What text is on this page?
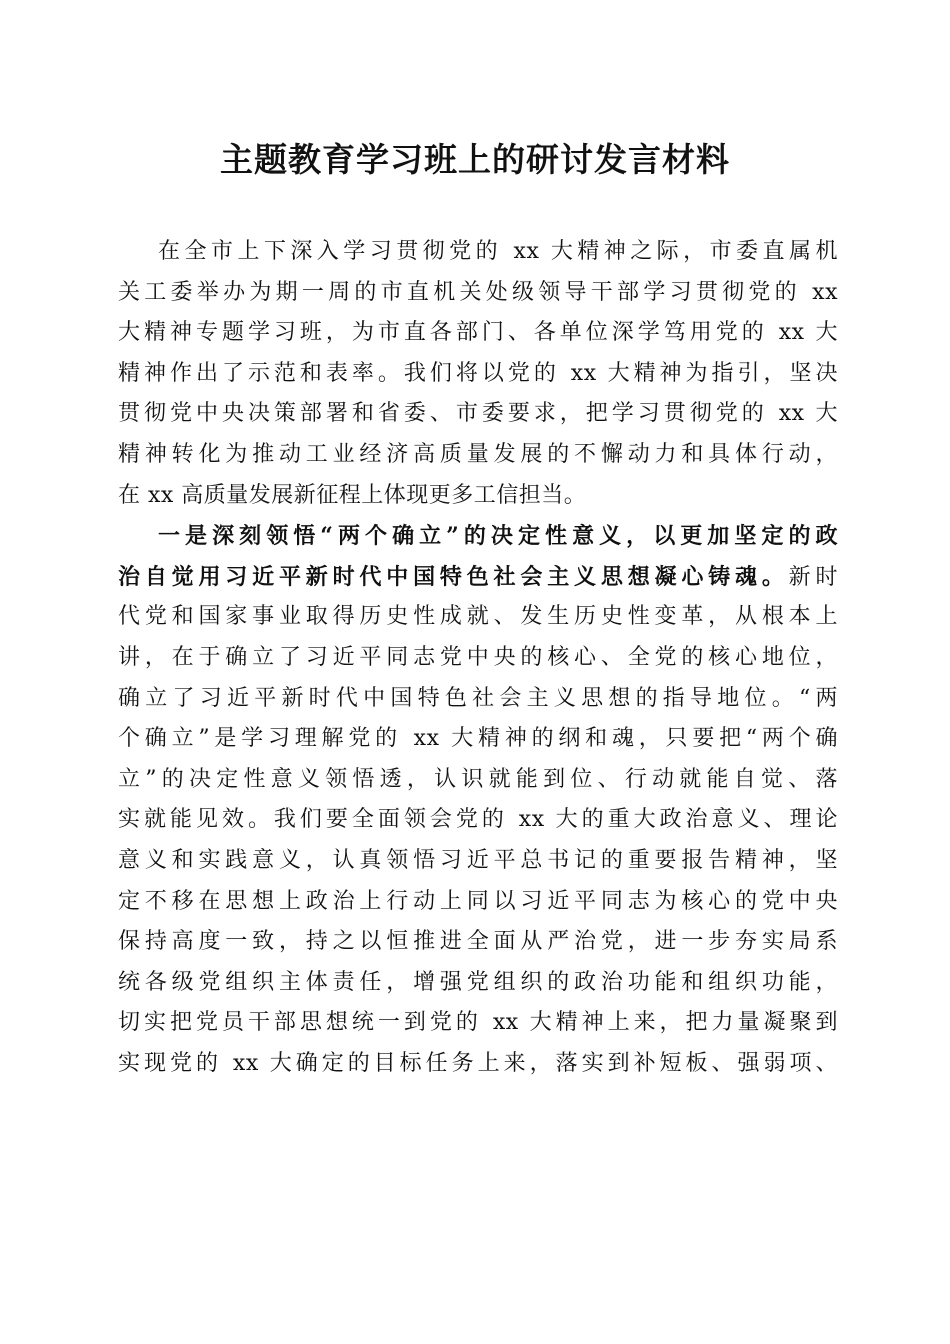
主题教育学习班上的研讨发言材料
在全市上下深入学习贯彻党的 xx 大精神之际，市委直属机
关工委举办为期一周的市直机关处级领导干部学习贯彻党的 xx
大精神专题学习班，为市直各部门、各单位深学笃用党的 xx 大
精神作出了示范和表率。我们将以党的 xx 大精神为指引，坚决
贯彻党中央决策部署和省委、市委要求，把学习贯彻党的 xx 大
精神转化为推动工业经济高质量发展的不懈动力和具体行动，
在 xx 高质量发展新征程上体现更多工信担当。
一是深刻领悟“两个确立”的决定性意义，以更加坚定的政
治自觉用习近平新时代中国特色社会主义思想凝心铸魂。新时
代党和国家事业取得历史性成就、发生历史性变革，从根本上
讲，在于确立了习近平同志党中央的核心、全党的核心地位，
确立了习近平新时代中国特色社会主义思想的指导地位。“两
个确立”是学习理解党的 xx 大精神的纲和魂，只要把“两个确
立”的决定性意义领悟透，认识就能到位、行动就能自觉、落
实就能见效。我们要全面领会党的 xx 大的重大政治意义、理论
意义和实践意义，认真领悟习近平总书记的重要报告精神，坚
定不移在思想上政治上行动上同以习近平同志为核心的党中央
保持高度一致，持之以恒推进全面从严治党，进一步夯实局系
统各级党组织主体责任，增强党组织的政治功能和组织功能，
切实把党员干部思想统一到党的 xx 大精神上来，把力量凝聚到
实现党的 xx 大确定的目标任务上来，落实到补短板、强弱项、
